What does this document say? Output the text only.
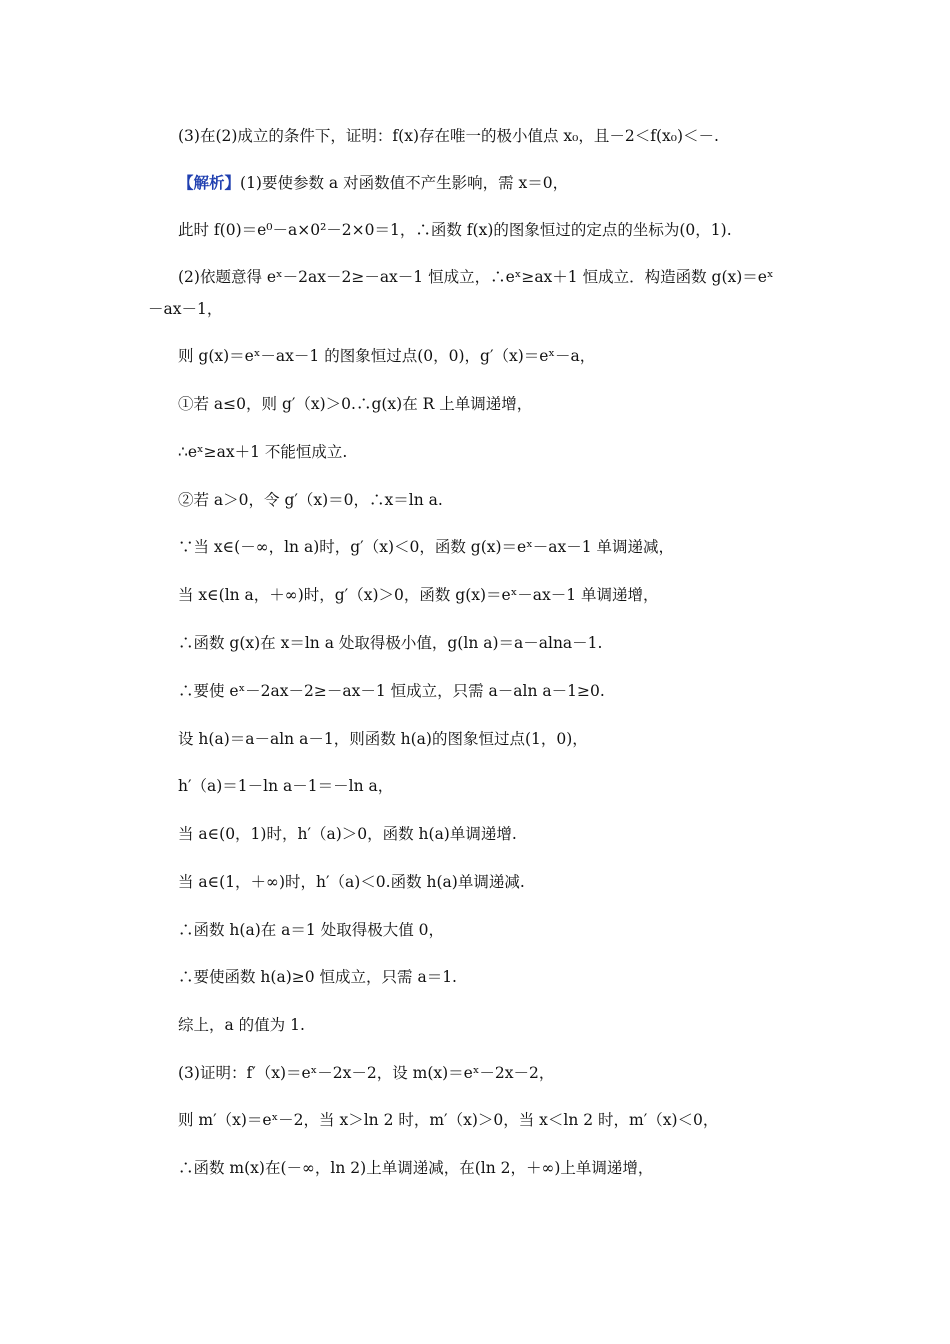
(3)在(2)成立的条件下，证明：f(x)存在唯一的极小值点 x₀，且－2＜f(x₀)＜－.
【解析】(1)要使参数 a 对函数值不产生影响，需 x＝0，
此时 f(0)＝e⁰－a×0²－2×0＝1，∴函数 f(x)的图象恒过的定点的坐标为(0，1).
(2)依题意得 eˣ－2ax－2≥－ax－1 恒成立，∴eˣ≥ax＋1 恒成立．构造函数 g(x)＝eˣ
－ax－1，
则 g(x)＝eˣ－ax－1 的图象恒过点(0，0)，g′（x)＝eˣ－a，
①若 a≤0，则 g′（x)＞0.∴g(x)在 R 上单调递增，
∴eˣ≥ax＋1 不能恒成立.
②若 a＞0，令 g′（x)＝0，∴x＝ln a.
∵当 x∈(－∞，ln a)时，g′（x)＜0，函数 g(x)＝eˣ－ax－1 单调递减，
当 x∈(ln a，＋∞)时，g′（x)＞0，函数 g(x)＝eˣ－ax－1 单调递增，
∴函数 g(x)在 x＝ln a 处取得极小值，g(ln a)＝a－alna－1.
∴要使 eˣ－2ax－2≥－ax－1 恒成立，只需 a－aln a－1≥0.
设 h(a)＝a－aln a－1，则函数 h(a)的图象恒过点(1，0)，
h′（a)＝1－ln a－1＝－ln a，
当 a∈(0，1)时，h′（a)＞0，函数 h(a)单调递增.
当 a∈(1，＋∞)时，h′（a)＜0.函数 h(a)单调递减.
∴函数 h(a)在 a＝1 处取得极大值 0，
∴要使函数 h(a)≥0 恒成立，只需 a＝1.
综上，a 的值为 1.
(3)证明：f′（x)＝eˣ－2x－2，设 m(x)＝eˣ－2x－2，
则 m′（x)＝eˣ－2，当 x＞ln 2 时，m′（x)＞0，当 x＜ln 2 时，m′（x)＜0，
∴函数 m(x)在(－∞，ln 2)上单调递减，在(ln 2，＋∞)上单调递增，
